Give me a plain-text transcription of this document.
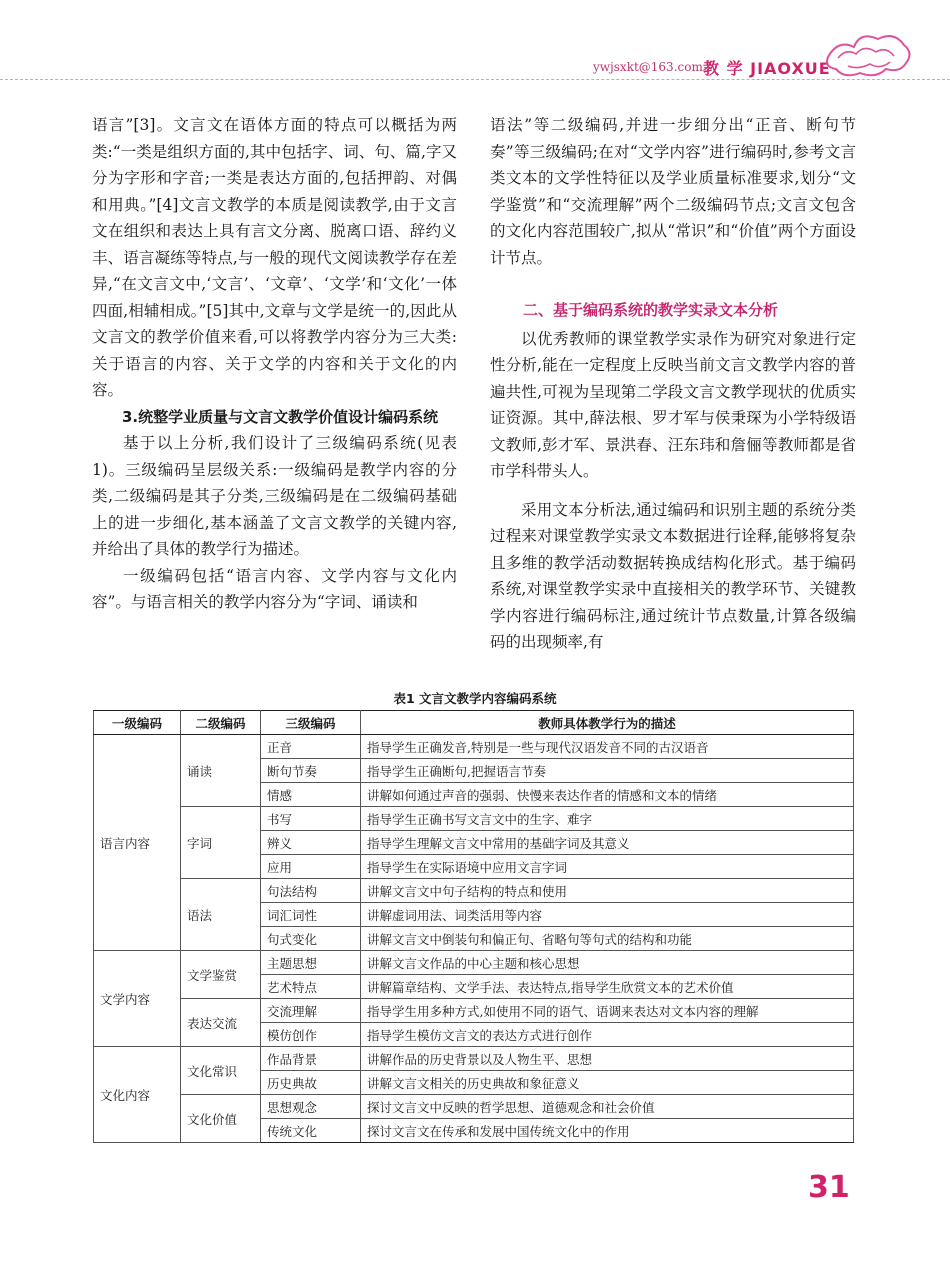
ywjsxkt@163.com 教 学 JIAOXUE

语言”[3]。文言文在语体方面的特点可以概括为两类:“一类是组织方面的,其中包括字、词、句、篇,字又分为字形和字音;一类是表达方面的,包括押韵、对偶和用典。”[4]文言文教学的本质是阅读教学,由于文言文在组织和表达上具有言文分离、脱离口语、辞约义丰、语言凝练等特点,与一般的现代文阅读教学存在差异,“在文言文中,‘文言’、‘文章’、‘文学’和‘文化’一体四面,相辅相成。”[5]其中,文章与文学是统一的,因此从文言文的教学价值来看,可以将教学内容分为三大类:关于语言的内容、关于文学的内容和关于文化的内容。

3.统整学业质量与文言文教学价值设计编码系统

基于以上分析,我们设计了三级编码系统(见表1)。三级编码呈层级关系:一级编码是教学内容的分类,二级编码是其子分类,三级编码是在二级编码基础上的进一步细化,基本涵盖了文言文教学的关键内容,并给出了具体的教学行为描述。

一级编码包括“语言内容、文学内容与文化内容”。与语言相关的教学内容分为“字词、诵读和

语法”等二级编码,并进一步细分出“正音、断句节奏”等三级编码;在对“文学内容”进行编码时,参考文言类文本的文学性特征以及学业质量标准要求,划分“文学鉴赏”和“交流理解”两个二级编码节点;文言文包含的文化内容范围较广,拟从“常识”和“价值”两个方面设计节点。

二、基于编码系统的教学实录文本分析

以优秀教师的课堂教学实录作为研究对象进行定性分析,能在一定程度上反映当前文言文教学内容的普遍共性,可视为呈现第二学段文言文教学现状的优质实证资源。其中,薛法根、罗才军与侯秉琛为小学特级语文教师,彭才军、景洪春、汪东玮和詹俪等教师都是省市学科带头人。

采用文本分析法,通过编码和识别主题的系统分类过程来对课堂教学实录文本数据进行诠释,能够将复杂且多维的教学活动数据转换成结构化形式。基于编码系统,对课堂教学实录中直接相关的教学环节、关键教学内容进行编码标注,通过统计节点数量,计算各级编码的出现频率,有

表1 文言文教学内容编码系统
一级编码	二级编码	三级编码	教师具体教学行为的描述
语言内容	诵读	正音	指导学生正确发音,特别是一些与现代汉语发音不同的古汉语音
		断句节奏	指导学生正确断句,把握语言节奏
		情感	讲解如何通过声音的强弱、快慢来表达作者的情感和文本的情绪
	字词	书写	指导学生正确书写文言文中的生字、难字
		辨义	指导学生理解文言文中常用的基础字词及其意义
		应用	指导学生在实际语境中应用文言字词
	语法	句法结构	讲解文言文中句子结构的特点和使用
		词汇词性	讲解虚词用法、词类活用等内容
		句式变化	讲解文言文中倒装句和偏正句、省略句等句式的结构和功能
文学内容	文学鉴赏	主题思想	讲解文言文作品的中心主题和核心思想
		艺术特点	讲解篇章结构、文学手法、表达特点,指导学生欣赏文本的艺术价值
	表达交流	交流理解	指导学生用多种方式,如使用不同的语气、语调来表达对文本内容的理解
		模仿创作	指导学生模仿文言文的表达方式进行创作
文化内容	文化常识	作品背景	讲解作品的历史背景以及人物生平、思想
		历史典故	讲解文言文相关的历史典故和象征意义
	文化价值	思想观念	探讨文言文中反映的哲学思想、道德观念和社会价值
		传统文化	探讨文言文在传承和发展中国传统文化中的作用
31
